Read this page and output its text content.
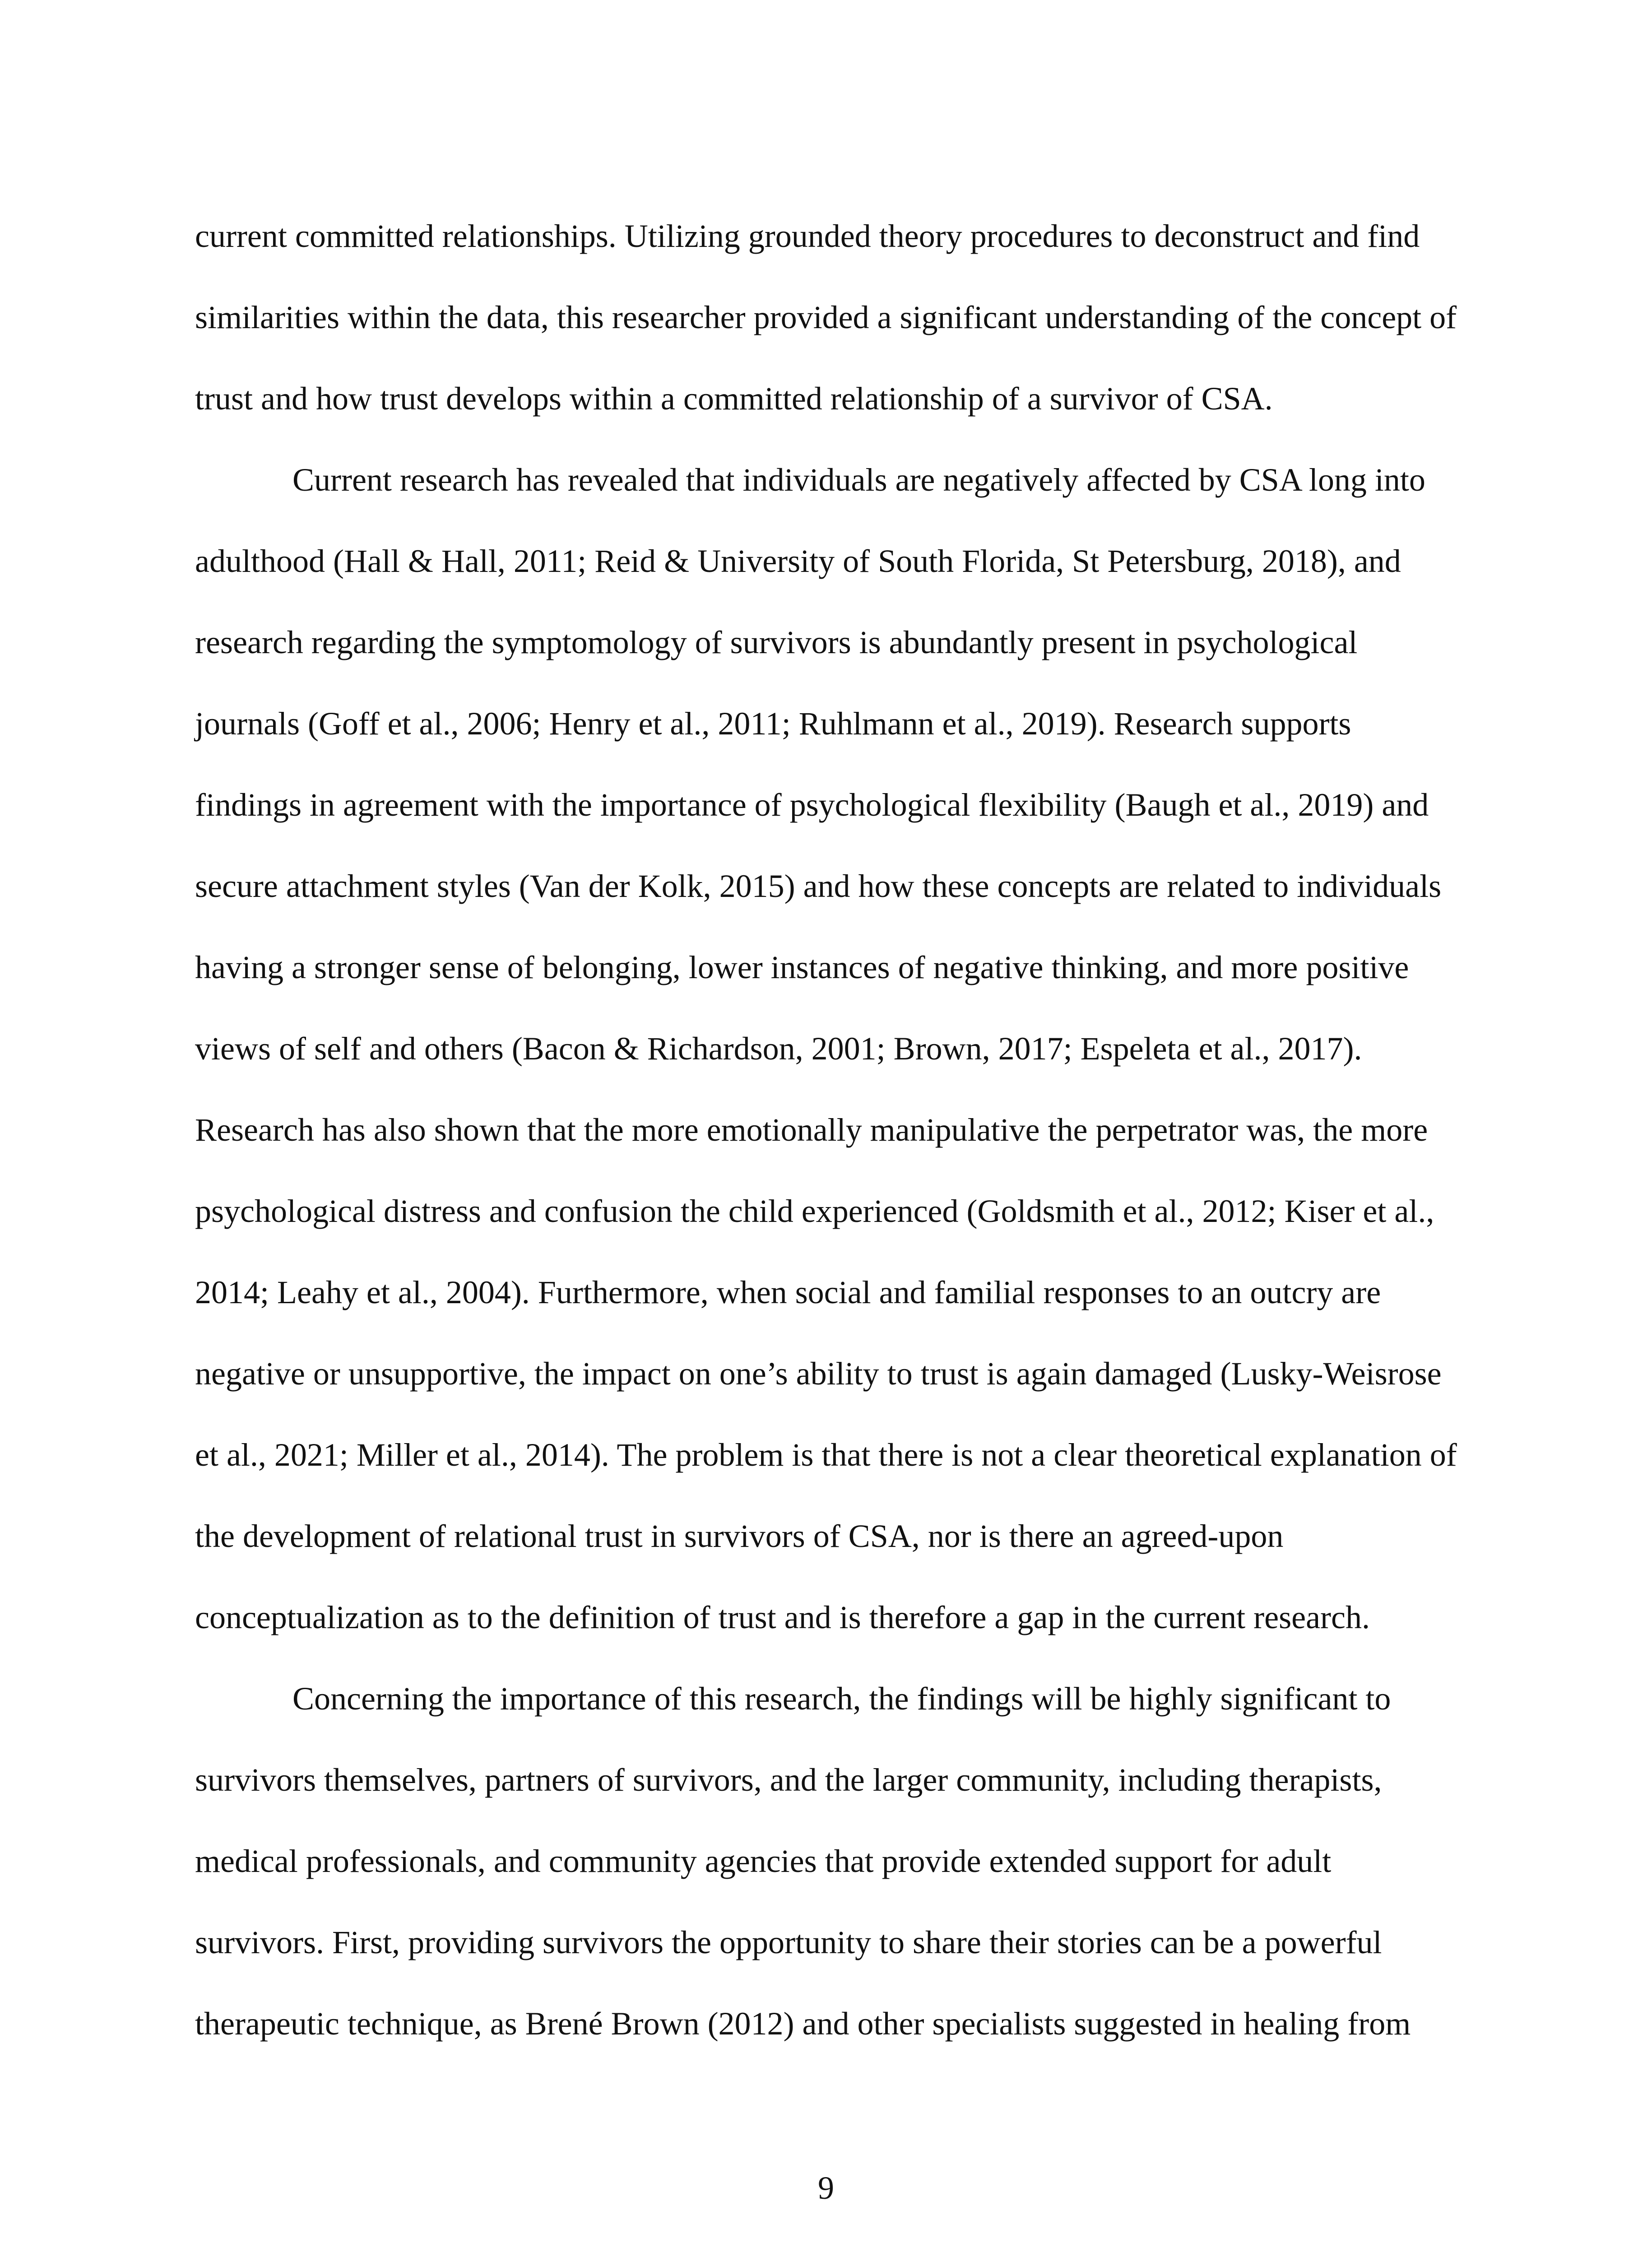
current committed relationships. Utilizing grounded theory procedures to deconstruct and find
similarities within the data, this researcher provided a significant understanding of the concept of
trust and how trust develops within a committed relationship of a survivor of CSA.
Current research has revealed that individuals are negatively affected by CSA long into
adulthood (Hall & Hall, 2011; Reid & University of South Florida, St Petersburg, 2018), and
research regarding the symptomology of survivors is abundantly present in psychological
journals (Goff et al., 2006; Henry et al., 2011; Ruhlmann et al., 2019). Research supports
findings in agreement with the importance of psychological flexibility (Baugh et al., 2019) and
secure attachment styles (Van der Kolk, 2015) and how these concepts are related to individuals
having a stronger sense of belonging, lower instances of negative thinking, and more positive
views of self and others (Bacon & Richardson, 2001; Brown, 2017; Espeleta et al., 2017).
Research has also shown that the more emotionally manipulative the perpetrator was, the more
psychological distress and confusion the child experienced (Goldsmith et al., 2012; Kiser et al.,
2014; Leahy et al., 2004). Furthermore, when social and familial responses to an outcry are
negative or unsupportive, the impact on one’s ability to trust is again damaged (Lusky-Weisrose
et al., 2021; Miller et al., 2014). The problem is that there is not a clear theoretical explanation of
the development of relational trust in survivors of CSA, nor is there an agreed-upon
conceptualization as to the definition of trust and is therefore a gap in the current research.
Concerning the importance of this research, the findings will be highly significant to
survivors themselves, partners of survivors, and the larger community, including therapists,
medical professionals, and community agencies that provide extended support for adult
survivors. First, providing survivors the opportunity to share their stories can be a powerful
therapeutic technique, as Brené Brown (2012) and other specialists suggested in healing from
9
